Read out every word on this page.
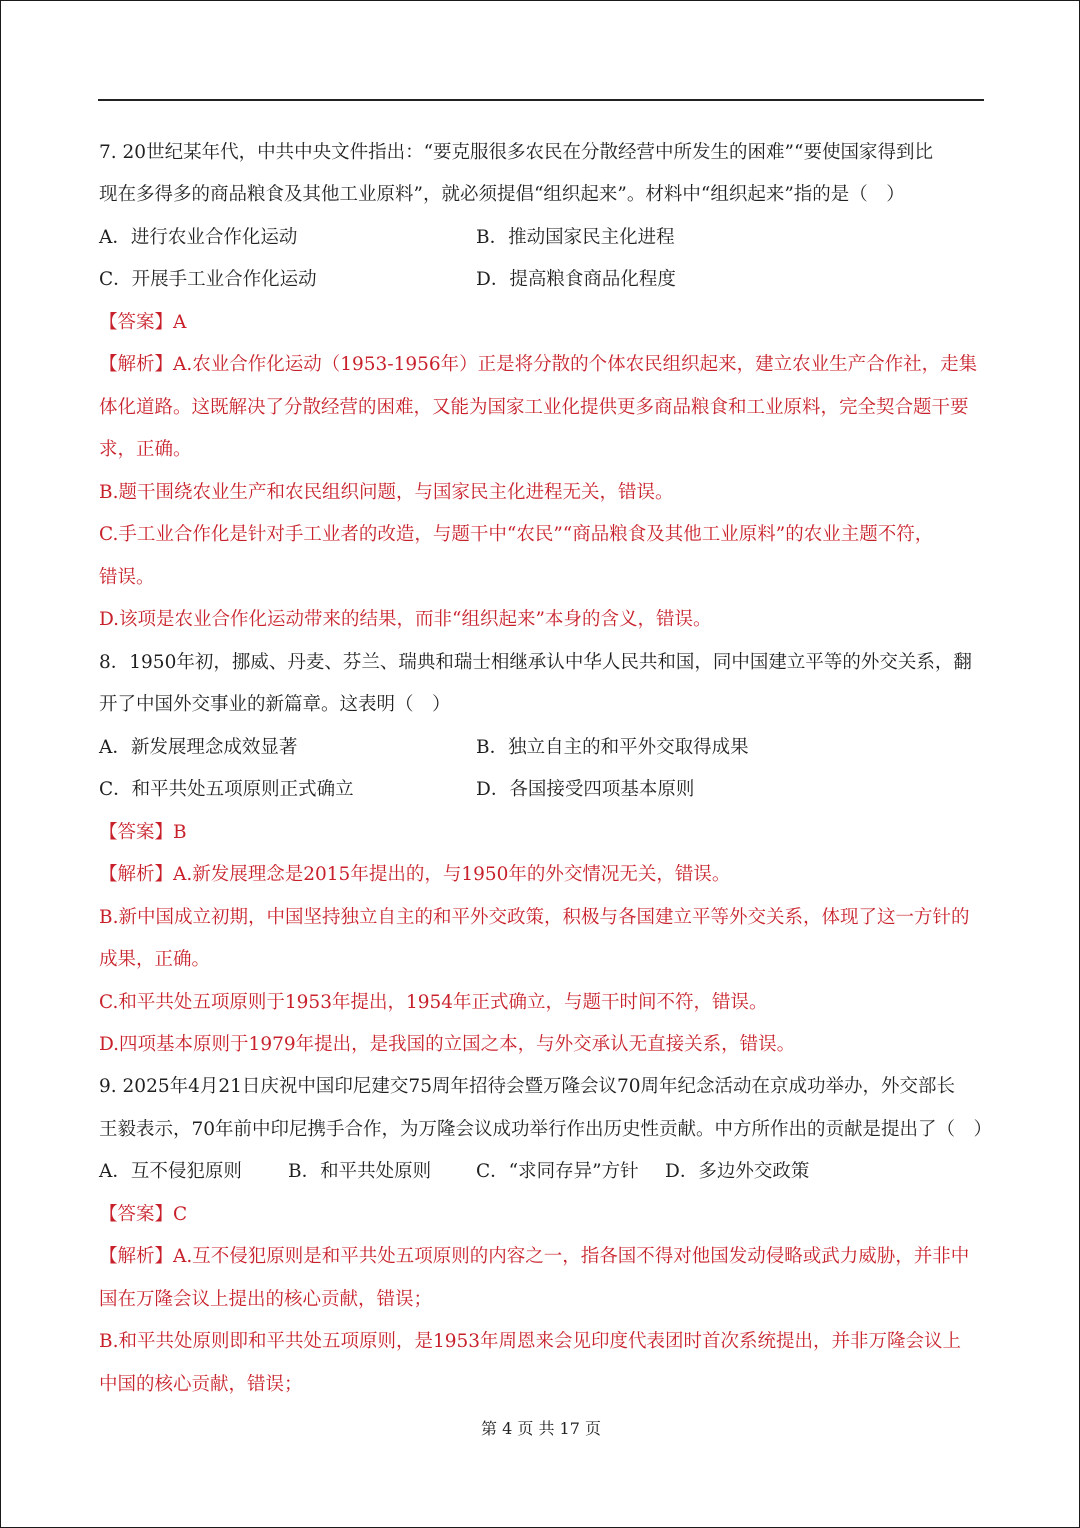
7. 20世纪某年代，中共中央文件指出：“要克服很多农民在分散经营中所发生的困难”“要使国家得到比
现在多得多的商品粮食及其他工业原料”，就必须提倡“组织起来”。材料中“组织起来”指的是（　）
A．进行农业合作化运动	B．推动国家民主化进程
C．开展手工业合作化运动	D．提高粮食商品化程度
【答案】A
【解析】A.农业合作化运动（1953-1956年）正是将分散的个体农民组织起来，建立农业生产合作社，走集
体化道路。这既解决了分散经营的困难，又能为国家工业化提供更多商品粮食和工业原料，完全契合题干要
求，正确。
B.题干围绕农业生产和农民组织问题，与国家民主化进程无关，错误。
C.手工业合作化是针对手工业者的改造，与题干中“农民”“商品粮食及其他工业原料”的农业主题不符，
错误。
D.该项是农业合作化运动带来的结果，而非“组织起来”本身的含义，错误。
8．1950年初，挪威、丹麦、芬兰、瑞典和瑞士相继承认中华人民共和国，同中国建立平等的外交关系，翻
开了中国外交事业的新篇章。这表明（　）
A．新发展理念成效显著	B．独立自主的和平外交取得成果
C．和平共处五项原则正式确立	D．各国接受四项基本原则
【答案】B
【解析】A.新发展理念是2015年提出的，与1950年的外交情况无关，错误。
B.新中国成立初期，中国坚持独立自主的和平外交政策，积极与各国建立平等外交关系，体现了这一方针的
成果，正确。
C.和平共处五项原则于1953年提出，1954年正式确立，与题干时间不符，错误。
D.四项基本原则于1979年提出，是我国的立国之本，与外交承认无直接关系，错误。
9. 2025年4月21日庆祝中国印尼建交75周年招待会暨万隆会议70周年纪念活动在京成功举办，外交部长
王毅表示，70年前中印尼携手合作，为万隆会议成功举行作出历史性贡献。中方所作出的贡献是提出了（　）
A．互不侵犯原则 B．和平共处原则 C．“求同存异”方针 D．多边外交政策
【答案】C
【解析】A.互不侵犯原则是和平共处五项原则的内容之一，指各国不得对他国发动侵略或武力威胁，并非中
国在万隆会议上提出的核心贡献，错误；
B.和平共处原则即和平共处五项原则，是1953年周恩来会见印度代表团时首次系统提出，并非万隆会议上
中国的核心贡献，错误；
第 4 页 共 17 页
